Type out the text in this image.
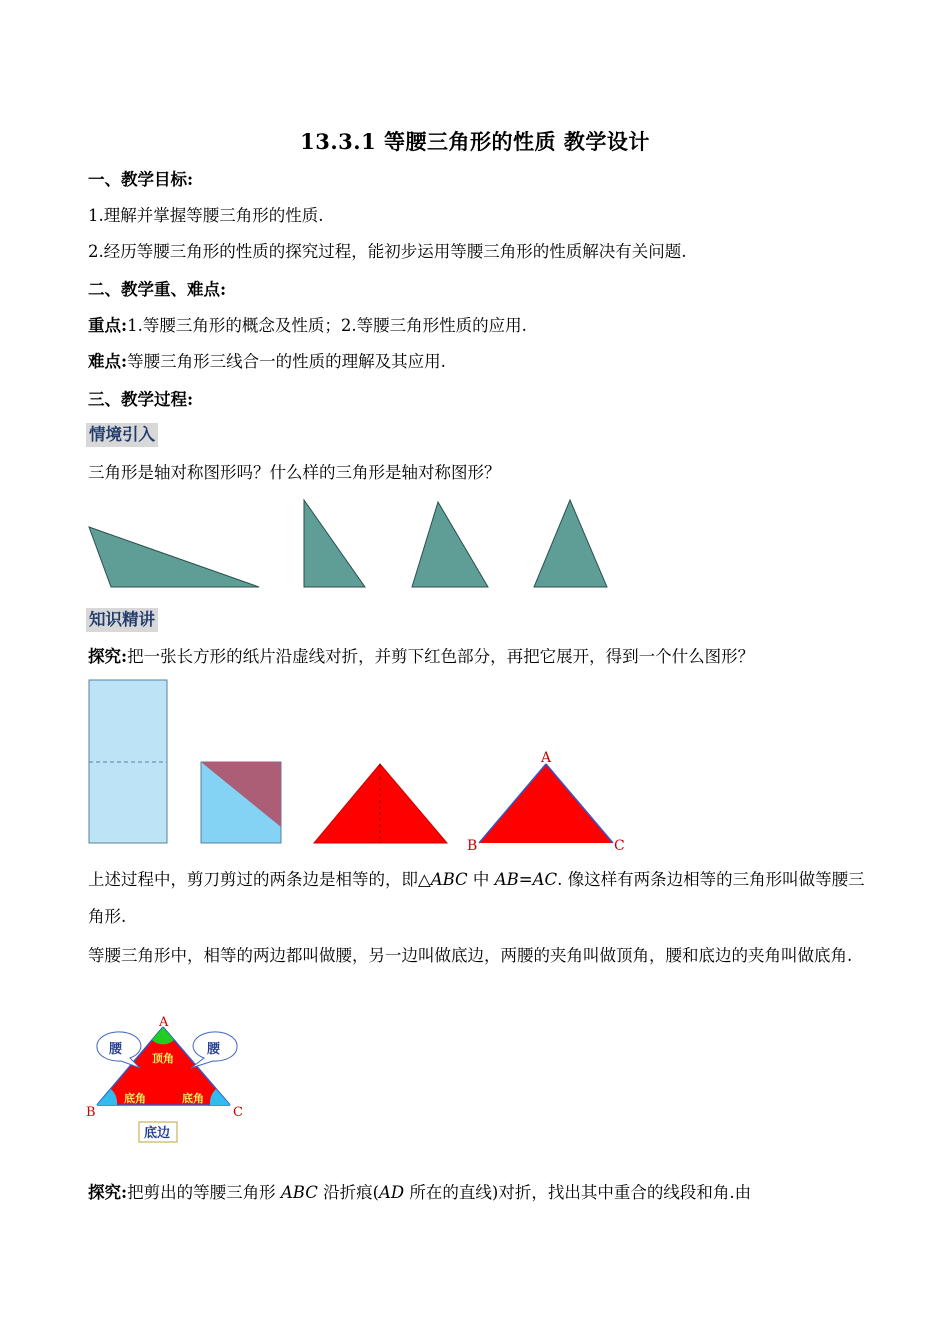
13.3.1 等腰三角形的性质 教学设计
一、教学目标:
1.理解并掌握等腰三角形的性质.
2.经历等腰三角形的性质的探究过程，能初步运用等腰三角形的性质解决有关问题.
二、教学重、难点:
重点:1.等腰三角形的概念及性质；2.等腰三角形性质的应用.
难点:等腰三角形三线合一的性质的理解及其应用.
三、教学过程:
情境引入
三角形是轴对称图形吗？什么样的三角形是轴对称图形？
知识精讲
探究:把一张长方形的纸片沿虚线对折，并剪下红色部分，再把它展开，得到一个什么图形？
A
B	C
上述过程中，剪刀剪过的两条边是相等的，即△ABC 中 AB=AC. 像这样有两条边相等的三角形叫做等腰三角形.
等腰三角形中，相等的两边都叫做腰，另一边叫做底边，两腰的夹角叫做顶角，腰和底边的夹角叫做底角.
A
B	C
顶角
底角	底角
腰	腰
底边
探究:把剪出的等腰三角形 ABC 沿折痕(AD 所在的直线)对折，找出其中重合的线段和角.由
